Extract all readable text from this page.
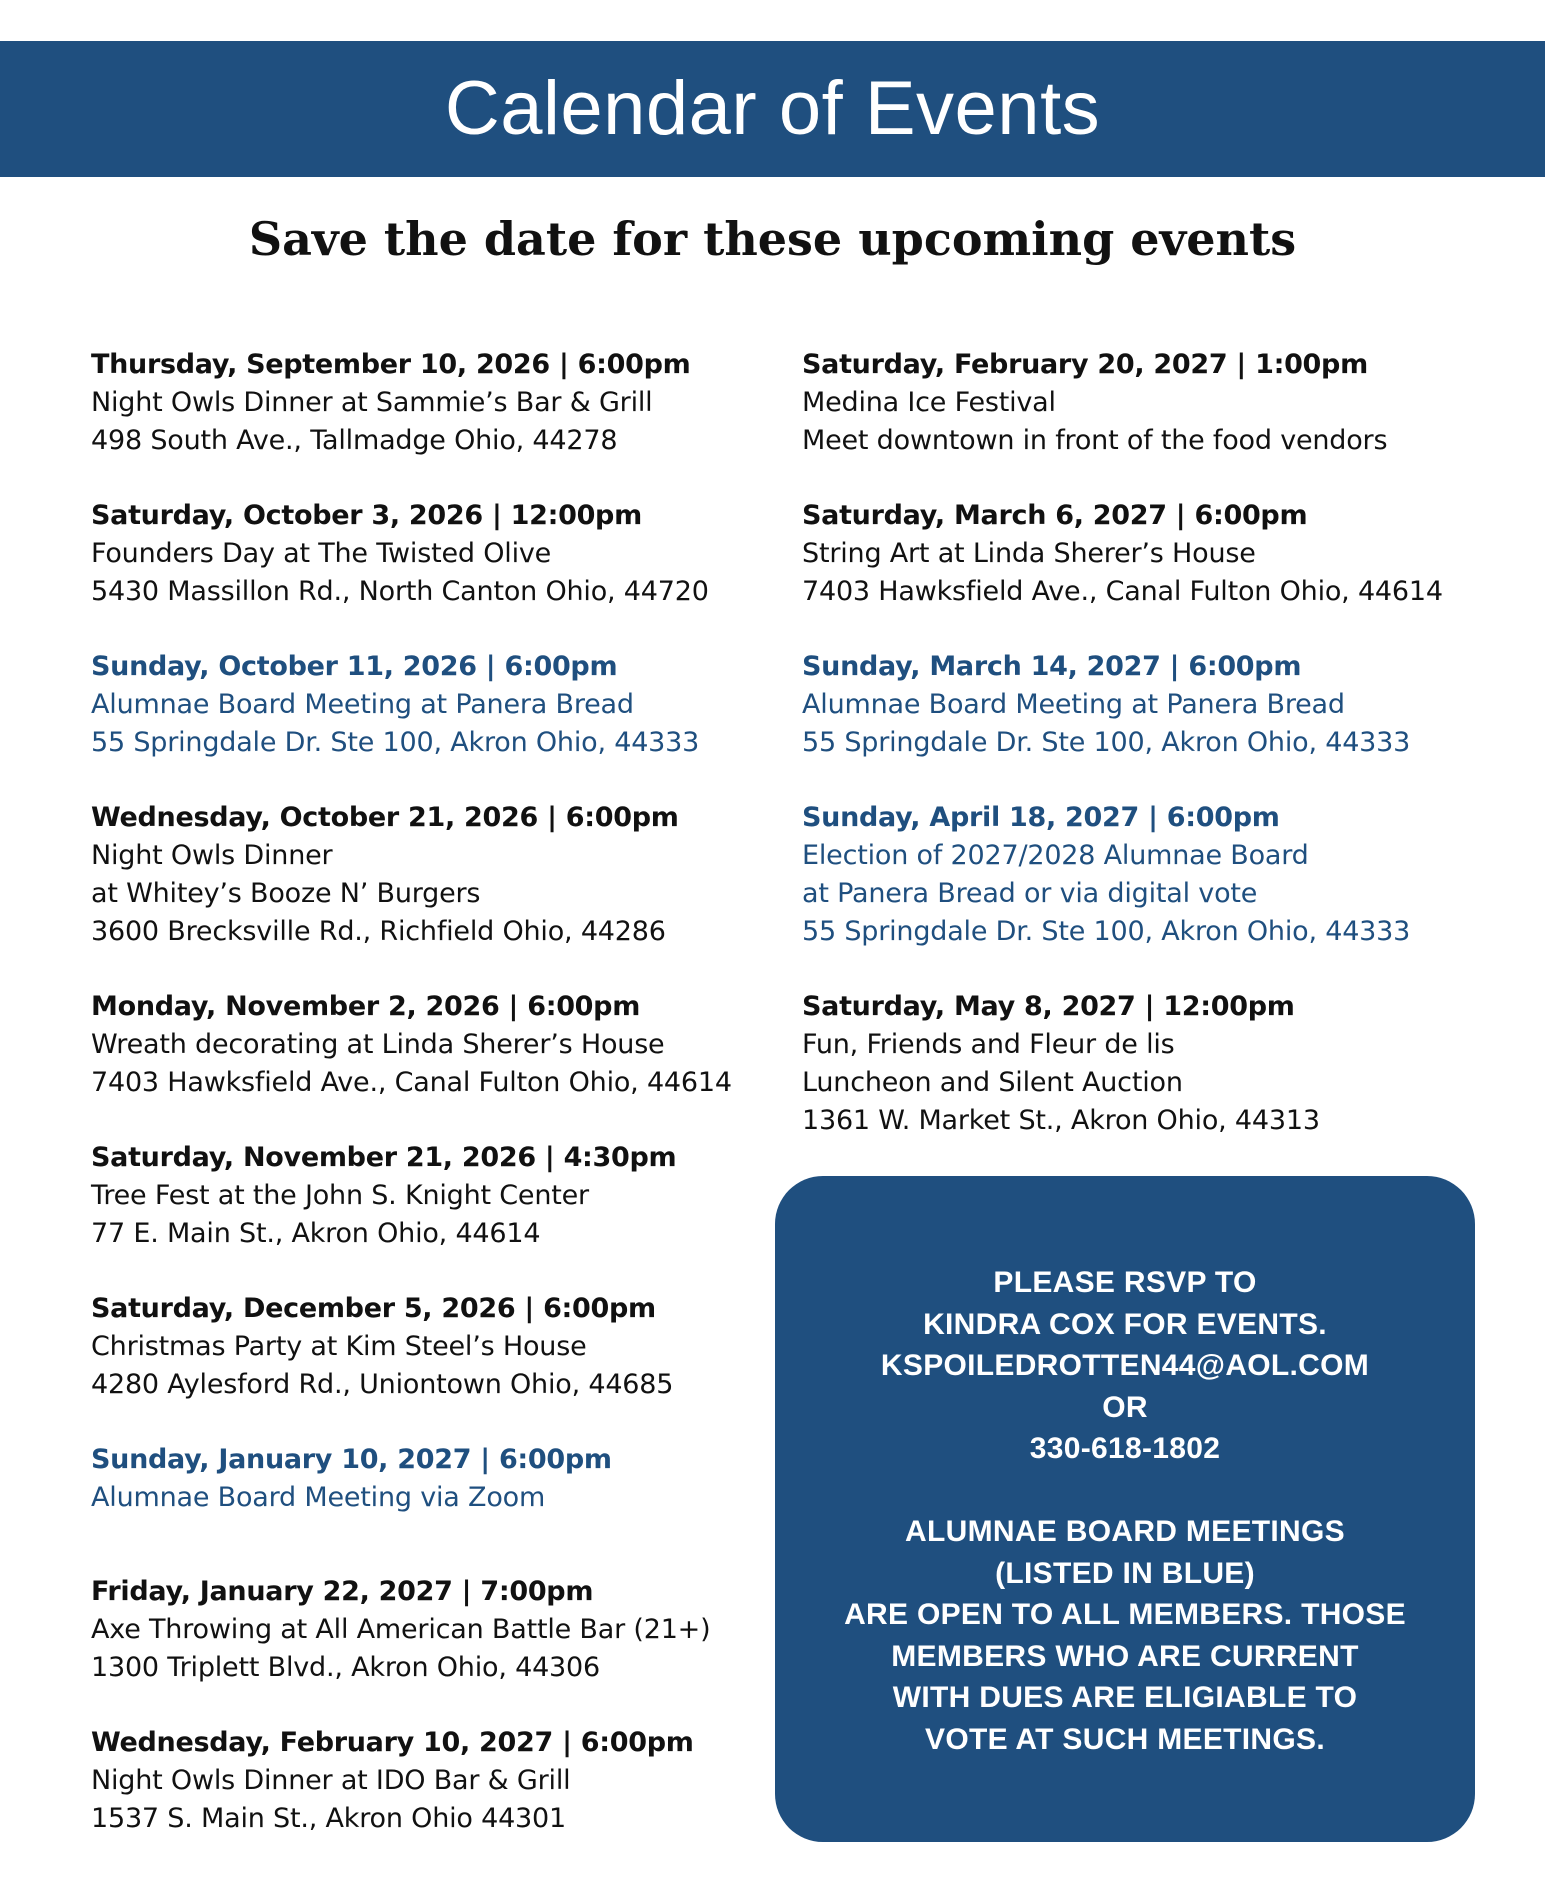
Calendar of Events
Save the date for these upcoming events
Thursday, September 10, 2026 | 6:00pm
Night Owls Dinner at Sammie’s Bar & Grill
498 South Ave., Tallmadge Ohio, 44278
Saturday, October 3, 2026 | 12:00pm
Founders Day at The Twisted Olive
5430 Massillon Rd., North Canton Ohio, 44720
Sunday, October 11, 2026 | 6:00pm
Alumnae Board Meeting at Panera Bread
55 Springdale Dr. Ste 100, Akron Ohio, 44333
Wednesday, October 21, 2026 | 6:00pm
Night Owls Dinner
at Whitey’s Booze N’ Burgers
3600 Brecksville Rd., Richfield Ohio, 44286
Monday, November 2, 2026 | 6:00pm
Wreath decorating at Linda Sherer’s House
7403 Hawksfield Ave., Canal Fulton Ohio, 44614
Saturday, November 21, 2026 | 4:30pm
Tree Fest at the John S. Knight Center
77 E. Main St., Akron Ohio, 44614
Saturday, December 5, 2026 | 6:00pm
Christmas Party at Kim Steel’s House
4280 Aylesford Rd., Uniontown Ohio, 44685
Sunday, January 10, 2027 | 6:00pm
Alumnae Board Meeting via Zoom
Friday, January 22, 2027 | 7:00pm
Axe Throwing at All American Battle Bar (21+)
1300 Triplett Blvd., Akron Ohio, 44306
Wednesday, February 10, 2027 | 6:00pm
Night Owls Dinner at IDO Bar & Grill
1537 S. Main St., Akron Ohio 44301
Saturday, February 20, 2027 | 1:00pm
Medina Ice Festival
Meet downtown in front of the food vendors
Saturday, March 6, 2027 | 6:00pm
String Art at Linda Sherer’s House
7403 Hawksfield Ave., Canal Fulton Ohio, 44614
Sunday, March 14, 2027 | 6:00pm
Alumnae Board Meeting at Panera Bread
55 Springdale Dr. Ste 100, Akron Ohio, 44333
Sunday, April 18, 2027 | 6:00pm
Election of 2027/2028 Alumnae Board
at Panera Bread or via digital vote
55 Springdale Dr. Ste 100, Akron Ohio, 44333
Saturday, May 8, 2027 | 12:00pm
Fun, Friends and Fleur de lis
Luncheon and Silent Auction
1361 W. Market St., Akron Ohio, 44313
PLEASE RSVP TO
KINDRA COX FOR EVENTS.
KSPOILEDROTTEN44@AOL.COM
OR
330-618-1802
ALUMNAE BOARD MEETINGS
(LISTED IN BLUE)
ARE OPEN TO ALL MEMBERS. THOSE
MEMBERS WHO ARE CURRENT
WITH DUES ARE ELIGIABLE TO
VOTE AT SUCH MEETINGS.
